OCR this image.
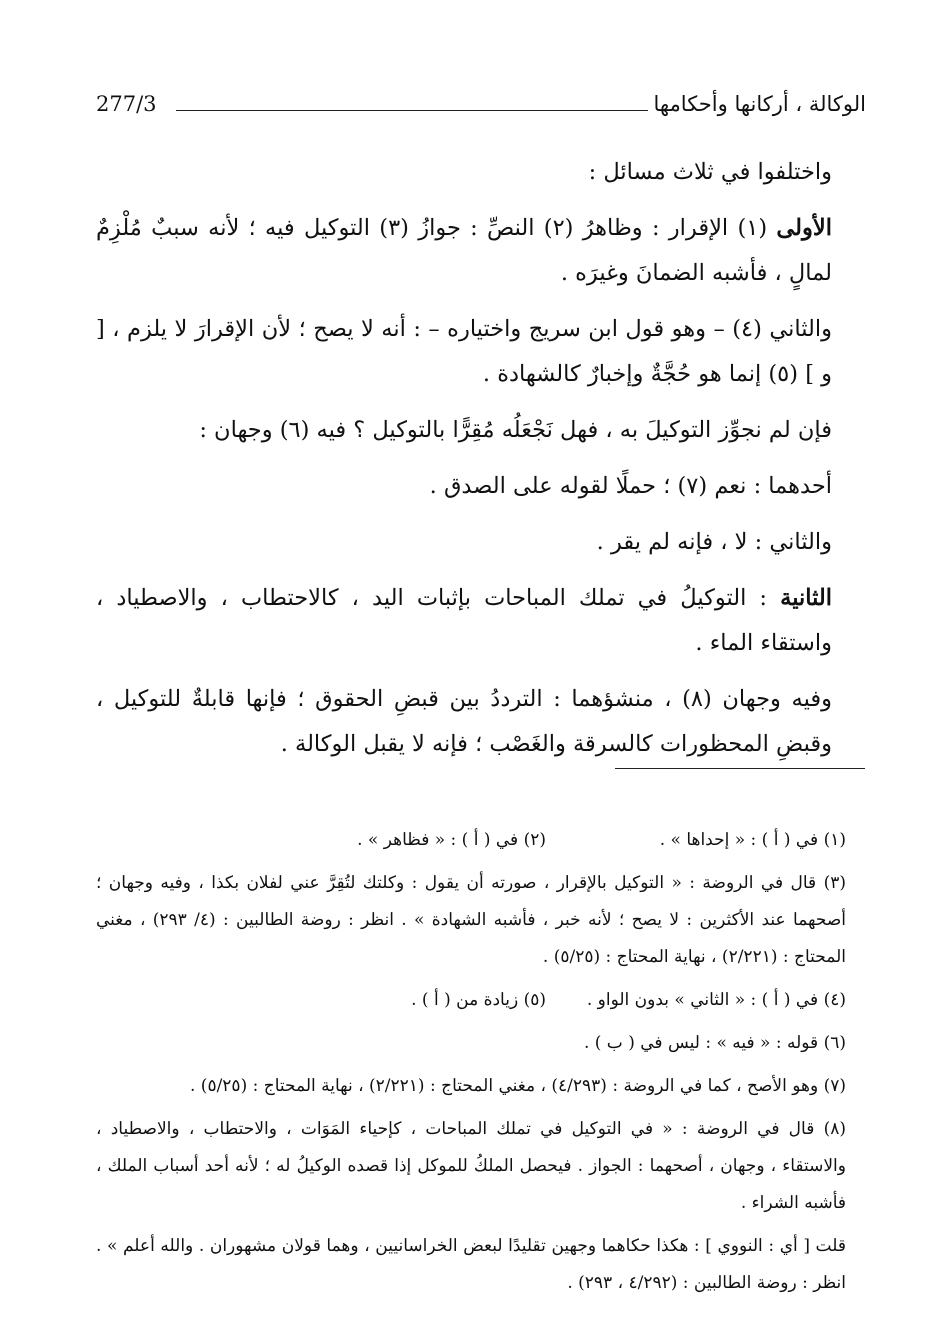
الوكالة ، أركانها وأحكامها
277/3

واختلفوا في ثلاث مسائل :

الأولى (١) الإقرار : وظاهرُ (٢) النصِّ : جوازُ (٣) التوكيل فيه ؛ لأنه سببٌ مُلْزِمٌ لمالٍ ، فأشبه الضمانَ وغيرَه .

والثاني (٤) – وهو قول ابن سريج واختياره – : أنه لا يصح ؛ لأن الإقرارَ لا يلزم ، [ و ] (٥) إنما هو حُجَّةٌ وإخبارٌ كالشهادة .

فإن لم نجوِّز التوكيلَ به ، فهل نَجْعَلُه مُقِرًّا بالتوكيل ؟ فيه (٦) وجهان :

أحدهما : نعم (٧) ؛ حملًا لقوله على الصدق .

والثاني : لا ، فإنه لم يقر .

الثانية : التوكيلُ في تملك المباحات بإثبات اليد ، كالاحتطاب ، والاصطياد ، واستقاء الماء .

وفيه وجهان (٨) ، منشؤهما : الترددُ بين قبضِ الحقوق ؛ فإنها قابلةٌ للتوكيل ، وقبضِ المحظورات كالسرقة والغَصْب ؛ فإنه لا يقبل الوكالة .

(١) في ( أ ) : « إحداها » .
(٢) في ( أ ) : « فظاهر » .

(٣) قال في الروضة : « التوكيل بالإقرار ، صورته أن يقول : وكلتك لتُقِرَّ عني لفلان بكذا ، وفيه وجهان ؛ أصحهما عند الأكثرين : لا يصح ؛ لأنه خبر ، فأشبه الشهادة » . انظر : روضة الطالبين : (٤/ ٢٩٣) ، مغني المحتاج : (٢/٢٢١) ، نهاية المحتاج : (٥/٢٥) .

(٤) في ( أ ) : « الثاني » بدون الواو .
(٥) زيادة من ( أ ) .

(٦) قوله : « فيه » : ليس في ( ب ) .

(٧) وهو الأصح ، كما في الروضة : (٤/٢٩٣) ، مغني المحتاج : (٢/٢٢١) ، نهاية المحتاج : (٥/٢٥) .

(٨) قال في الروضة : « في التوكيل في تملك المباحات ، كإحياء المَوَات ، والاحتطاب ، والاصطياد ، والاستقاء ، وجهان ، أصحهما : الجواز . فيحصل الملكُ للموكل إذا قصده الوكيلُ له ؛ لأنه أحد أسباب الملك ، فأشبه الشراء .

قلت [ أي : النووي ] : هكذا حكاهما وجهين تقليدًا لبعض الخراسانيين ، وهما قولان مشهوران . والله أعلم » . انظر : روضة الطالبين : (٤/٢٩٢ ، ٢٩٣) .
